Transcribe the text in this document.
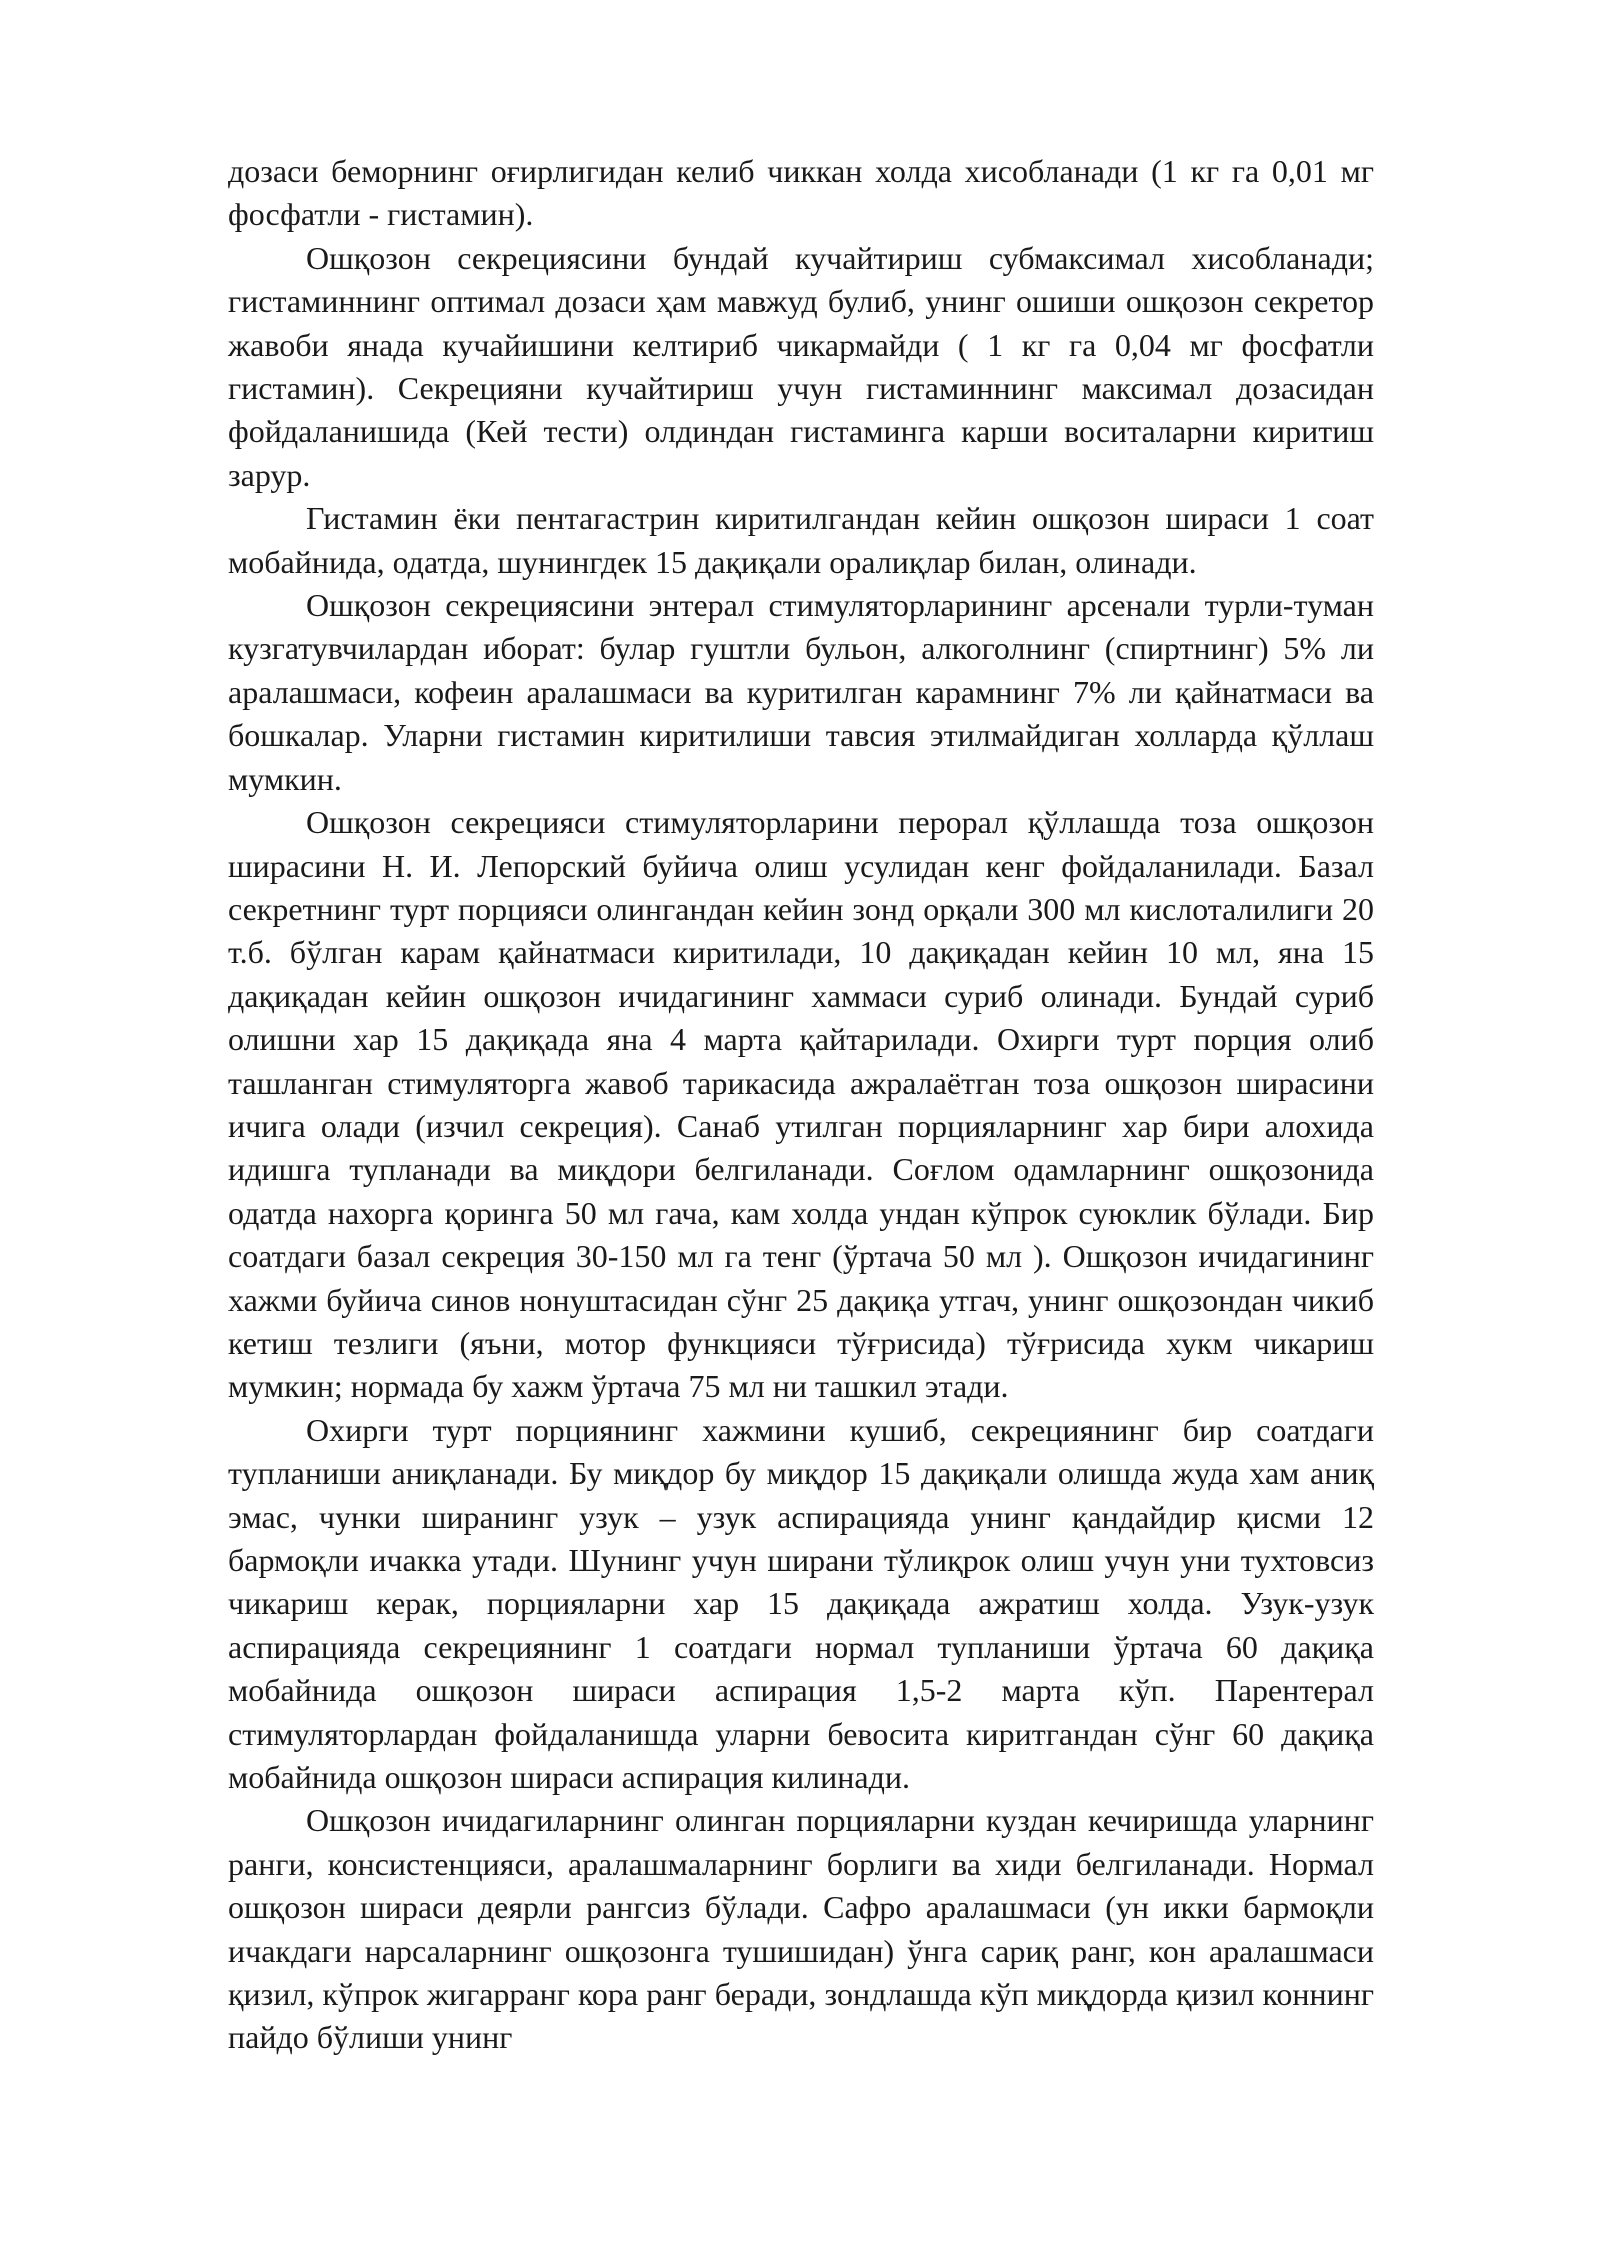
дозаси беморнинг оғирлигидан келиб чиккан холда хисобланади (1 кг га 0,01 мг фосфатли - гистамин).

Ошқозон секрециясини бундай кучайтириш субмаксимал хисобланади; гистаминнинг оптимал дозаси ҳам мавжуд булиб, унинг ошиши ошқозон секретор жавоби янада кучайишини келтириб чикармайди ( 1 кг га 0,04 мг фосфатли гистамин). Секрецияни кучайтириш учун гистаминнинг максимал дозасидан фойдаланишида (Кей тести) олдиндан гистаминга карши воситаларни киритиш зарур.

Гистамин ёки пентагастрин киритилгандан кейин ошқозон шираси 1 соат мобайнида, одатда, шунингдек 15 дақиқали оралиқлар билан, олинади.

Ошқозон секрециясини энтерал стимуляторларининг арсенали турли-туман кузгатувчилардан иборат: булар гуштли бульон, алкоголнинг (спиртнинг) 5% ли аралашмаси, кофеин аралашмаси ва куритилган карамнинг 7% ли қайнатмаси ва бошкалар. Уларни гистамин киритилиши тавсия этилмайдиган холларда қўллаш мумкин.

Ошқозон секрецияси стимуляторларини перорал қўллашда тоза ошқозон ширасини Н. И. Лепорский буйича олиш усулидан кенг фойдаланилади. Базал секретнинг турт порцияси олингандан кейин зонд орқали 300 мл кислоталилиги 20 т.б. бўлган карам қайнатмаси киритилади, 10 дақиқадан кейин 10 мл, яна 15 дақиқадан кейин ошқозон ичидагининг хаммаси суриб олинади. Бундай суриб олишни хар 15 дақиқада яна 4 марта қайтарилади. Охирги турт порция олиб ташланган стимуляторга жавоб тарикасида ажралаётган тоза ошқозон ширасини ичига олади (изчил секреция). Санаб утилган порцияларнинг хар бири алохида идишга тупланади ва миқдори белгиланади. Соғлом одамларнинг ошқозонида одатда нахорга қоринга 50 мл гача, кам холда ундан кўпрок суюклик бўлади. Бир соатдаги базал секреция 30-150 мл га тенг (ўртача 50 мл ). Ошқозон ичидагининг хажми буйича синов нонуштасидан сўнг 25 дақиқа утгач, унинг ошқозондан чикиб кетиш тезлиги (яъни, мотор функцияси тўғрисида) тўғрисида хукм чикариш мумкин; нормада бу хажм ўртача 75 мл ни ташкил этади.

Охирги турт порциянинг хажмини кушиб, секрециянинг бир соатдаги тупланиши аниқланади. Бу миқдор бу миқдор 15 дақиқали олишда жуда хам аниқ эмас, чунки ширанинг узук – узук аспирацияда унинг қандайдир қисми 12 бармоқли ичакка утади. Шунинг учун ширани тўлиқрок олиш учун уни тухтовсиз чикариш керак, порцияларни хар 15 дақиқада ажратиш холда. Узук-узук аспирацияда секрециянинг 1 соатдаги нормал тупланиши ўртача 60 дақиқа мобайнида ошқозон шираси аспирация 1,5-2 марта кўп. Парентерал стимуляторлардан фойдаланишда уларни бевосита киритгандан сўнг 60 дақиқа мобайнида ошқозон шираси аспирация килинади.

Ошқозон ичидагиларнинг олинган порцияларни куздан кечиришда уларнинг ранги, консистенцияси, аралашмаларнинг борлиги ва хиди белгиланади. Нормал ошқозон шираси деярли рангсиз бўлади. Сафро аралашмаси (ун икки бармоқли ичакдаги нарсаларнинг ошқозонга тушишидан) ўнга сариқ ранг, кон аралашмаси қизил, кўпрок жигарранг кора ранг беради, зондлашда кўп миқдорда қизил коннинг пайдо бўлиши унинг
